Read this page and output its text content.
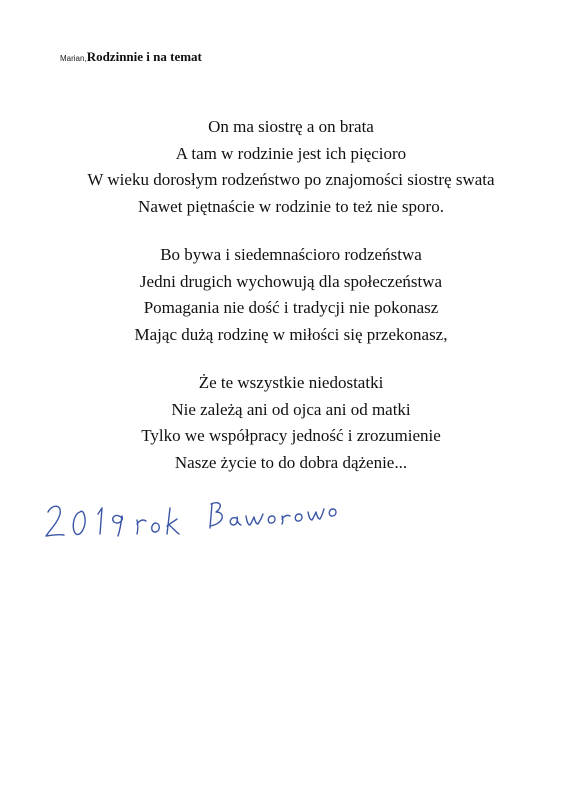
Marian,Rodzinnie i na temat
On ma siostrę a on brata
A tam w rodzinie jest ich pięcioro
W wieku dorosłym rodzeństwo po znajomości siostrę swata
Nawet piętnaście w rodzinie to też nie sporo.
Bo bywa i siedemnaścioro rodzeństwa
Jedni drugich wychowują dla społeczeństwa
Pomagania nie dość i tradycji nie pokonasz
Mając dużą rodzinę w miłości się przekonasz,
Że te wszystkie niedostatki
Nie zależą ani od ojca ani od matki
Tylko we współpracy jedność i zrozumienie
Nasze życie to do dobra dążenie...
